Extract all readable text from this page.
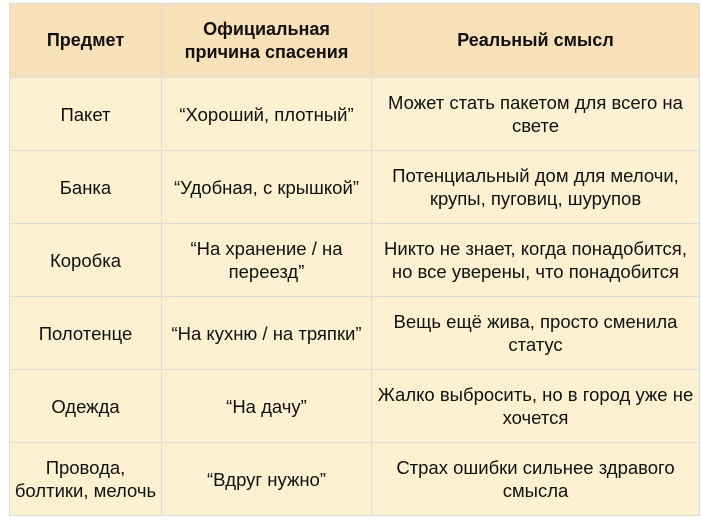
Предмет	Официальная причина спасения	Реальный смысл

Пакет	“Хороший, плотный”	Может стать пакетом для всего на свете
Банка	“Удобная, с крышкой”	Потенциальный дом для мелочи, крупы, пуговиц, шурупов
Коробка	“На хранение / на переезд”	Никто не знает, когда понадобится, но все уверены, что понадобится
Полотенце	“На кухню / на тряпки”	Вещь ещё жива, просто сменила статус
Одежда	“На дачу”	Жалко выбросить, но в город уже не хочется
Провода, болтики, мелочь	“Вдруг нужно”	Страх ошибки сильнее здравого смысла
